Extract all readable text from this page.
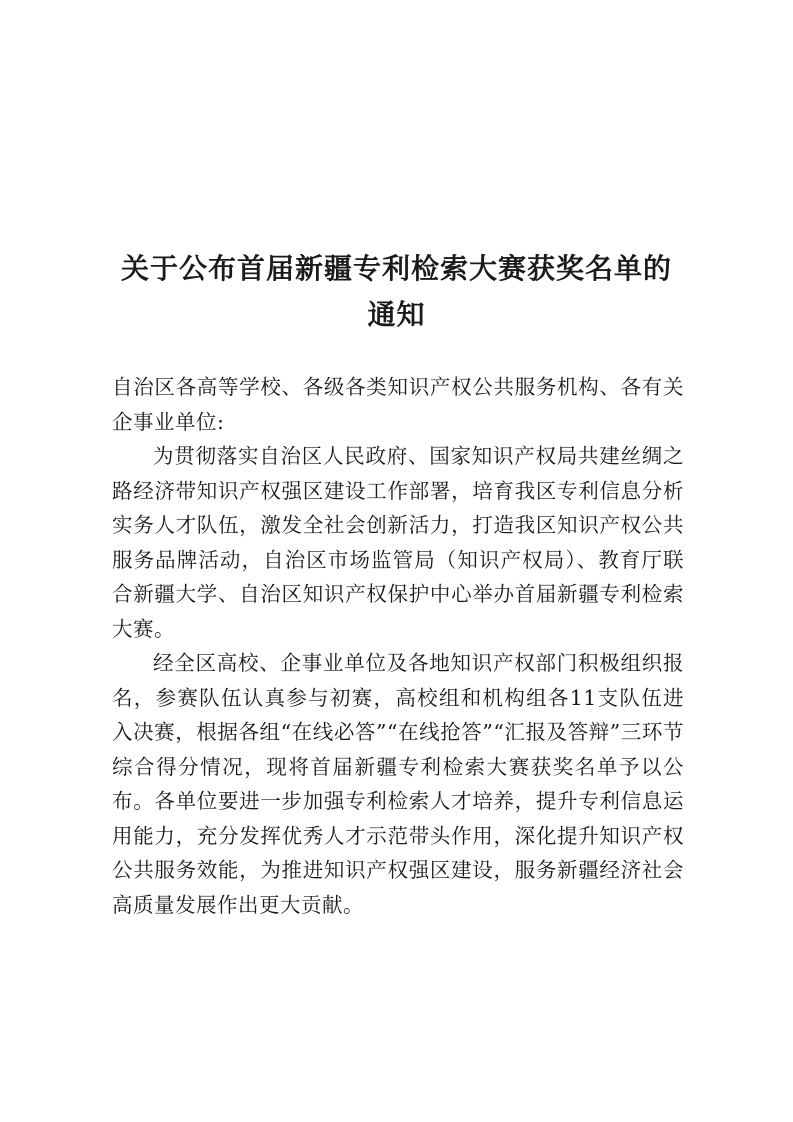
关于公布首届新疆专利检索大赛获奖名单的
通知

自治区各高等学校、各级各类知识产权公共服务机构、各有关企事业单位:

为贯彻落实自治区人民政府、国家知识产权局共建丝绸之路经济带知识产权强区建设工作部署，培育我区专利信息分析实务人才队伍，激发全社会创新活力，打造我区知识产权公共服务品牌活动，自治区市场监管局（知识产权局）、教育厅联合新疆大学、自治区知识产权保护中心举办首届新疆专利检索大赛。

经全区高校、企事业单位及各地知识产权部门积极组织报名，参赛队伍认真参与初赛，高校组和机构组各11支队伍进入决赛，根据各组“在线必答”“在线抢答”“汇报及答辩”三环节综合得分情况，现将首届新疆专利检索大赛获奖名单予以公布。各单位要进一步加强专利检索人才培养，提升专利信息运用能力，充分发挥优秀人才示范带头作用，深化提升知识产权公共服务效能，为推进知识产权强区建设，服务新疆经济社会高质量发展作出更大贡献。
